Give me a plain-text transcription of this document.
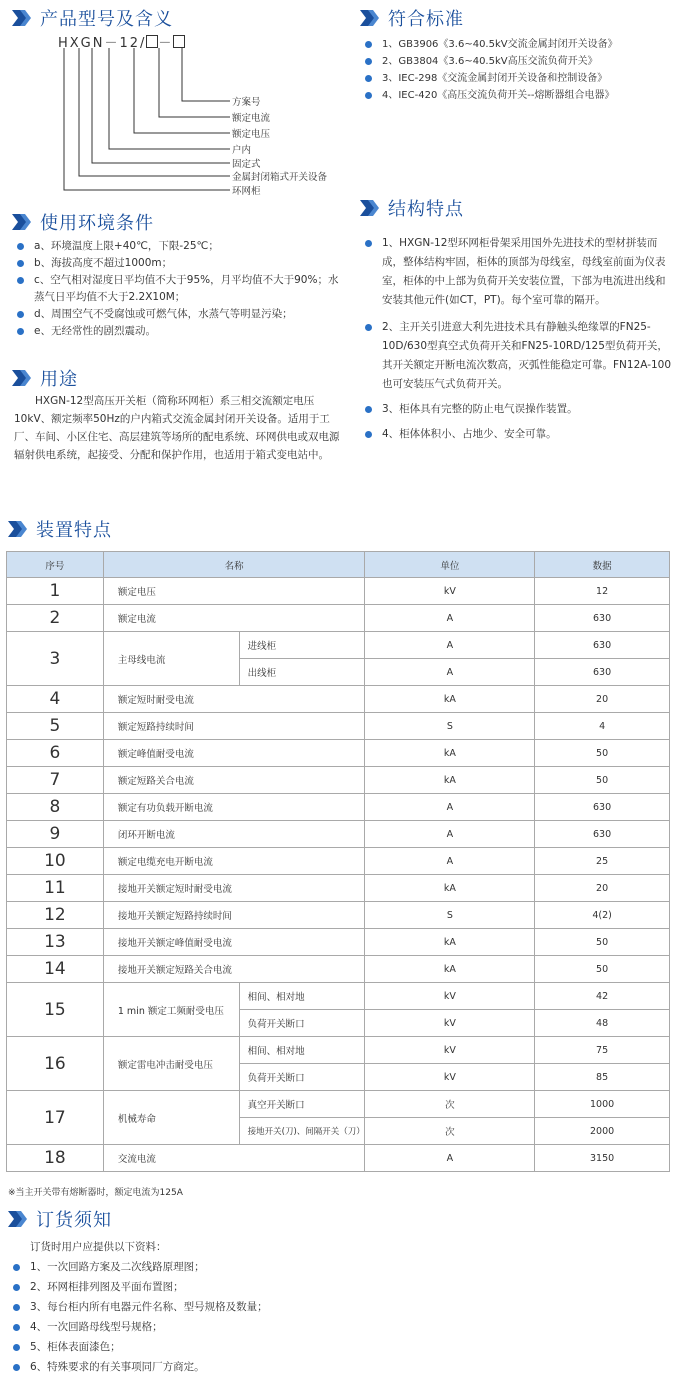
产品型号及含义
HXGN－12/ －
方案号
额定电流
额定电压
户内
固定式
金属封闭箱式开关设备
环网柜
符合标准
1、GB3906《3.6~40.5kV交流金属封闭开关设备》
2、GB3804《3.6~40.5kV高压交流负荷开关》
3、IEC-298《交流金属封闭开关设备和控制设备》
4、IEC-420《高压交流负荷开关--熔断器组合电器》
使用环境条件
a、环境温度上限+40℃，下限-25℃；
b、海拔高度不超过1000m；
c、空气相对湿度日平均值不大于95%，月平均值不大于90%；水蒸气日平均值不大于2.2X10M；
d、周围空气不受腐蚀或可燃气体，水蒸气等明显污染；
e、无经常性的剧烈震动。
用途
HXGN-12型高压开关柜（简称环网柜）系三相交流额定电压10kV、额定频率50Hz的户内箱式交流金属封闭开关设备。适用于工厂、车间、小区住宅、高层建筑等场所的配电系统、环网供电或双电源辐射供电系统，起接受、分配和保护作用，也适用于箱式变电站中。
结构特点
1、HXGN-12型环网柜骨架采用国外先进技术的型材拼装而成，整体结构牢固，柜体的顶部为母线室，母线室前面为仪表室，柜体的中上部为负荷开关安装位置，下部为电流进出线和安装其他元件(如CT，PT)。每个室可靠的隔开。
2、主开关引进意大利先进技术具有静触头绝缘罩的FN25-10D/630型真空式负荷开关和FN25-10RD/125型负荷开关，其开关额定开断电流次数高，灭弧性能稳定可靠。FN12A-100也可安装压气式负荷开关。
3、柜体具有完整的防止电气误操作装置。
4、柜体体积小、占地少、安全可靠。
装置特点
序号	名称		单位	数据
1	额定电压		kV	12
2	额定电流		A	630
3	主母线电流	进线柜	A	630
		出线柜	A	630
4	额定短时耐受电流		kA	20
5	额定短路持续时间		S	4
6	额定峰值耐受电流		kA	50
7	额定短路关合电流		kA	50
8	额定有功负载开断电流		A	630
9	闭环开断电流		A	630
10	额定电缆充电开断电流		A	25
11	接地开关额定短时耐受电流		kA	20
12	接地开关额定短路持续时间		S	4(2)
13	接地开关额定峰值耐受电流		kA	50
14	接地开关额定短路关合电流		kA	50
15	1 min 额定工频耐受电压	相间、相对地	kV	42
		负荷开关断口	kV	48
16	额定雷电冲击耐受电压	相间、相对地	kV	75
		负荷开关断口	kV	85
17	机械寿命	真空开关断口	次	1000
		接地开关(刀)、间隔开关（刀）	次	2000
18	交流电流		A	3150
※当主开关带有熔断器时，额定电流为125A
订货须知
订货时用户应提供以下资料：
1、一次回路方案及二次线路原理图；
2、环网柜排列图及平面布置图；
3、每台柜内所有电器元件名称、型号规格及数量；
4、一次回路母线型号规格；
5、柜体表面漆色；
6、特殊要求的有关事项同厂方商定。
